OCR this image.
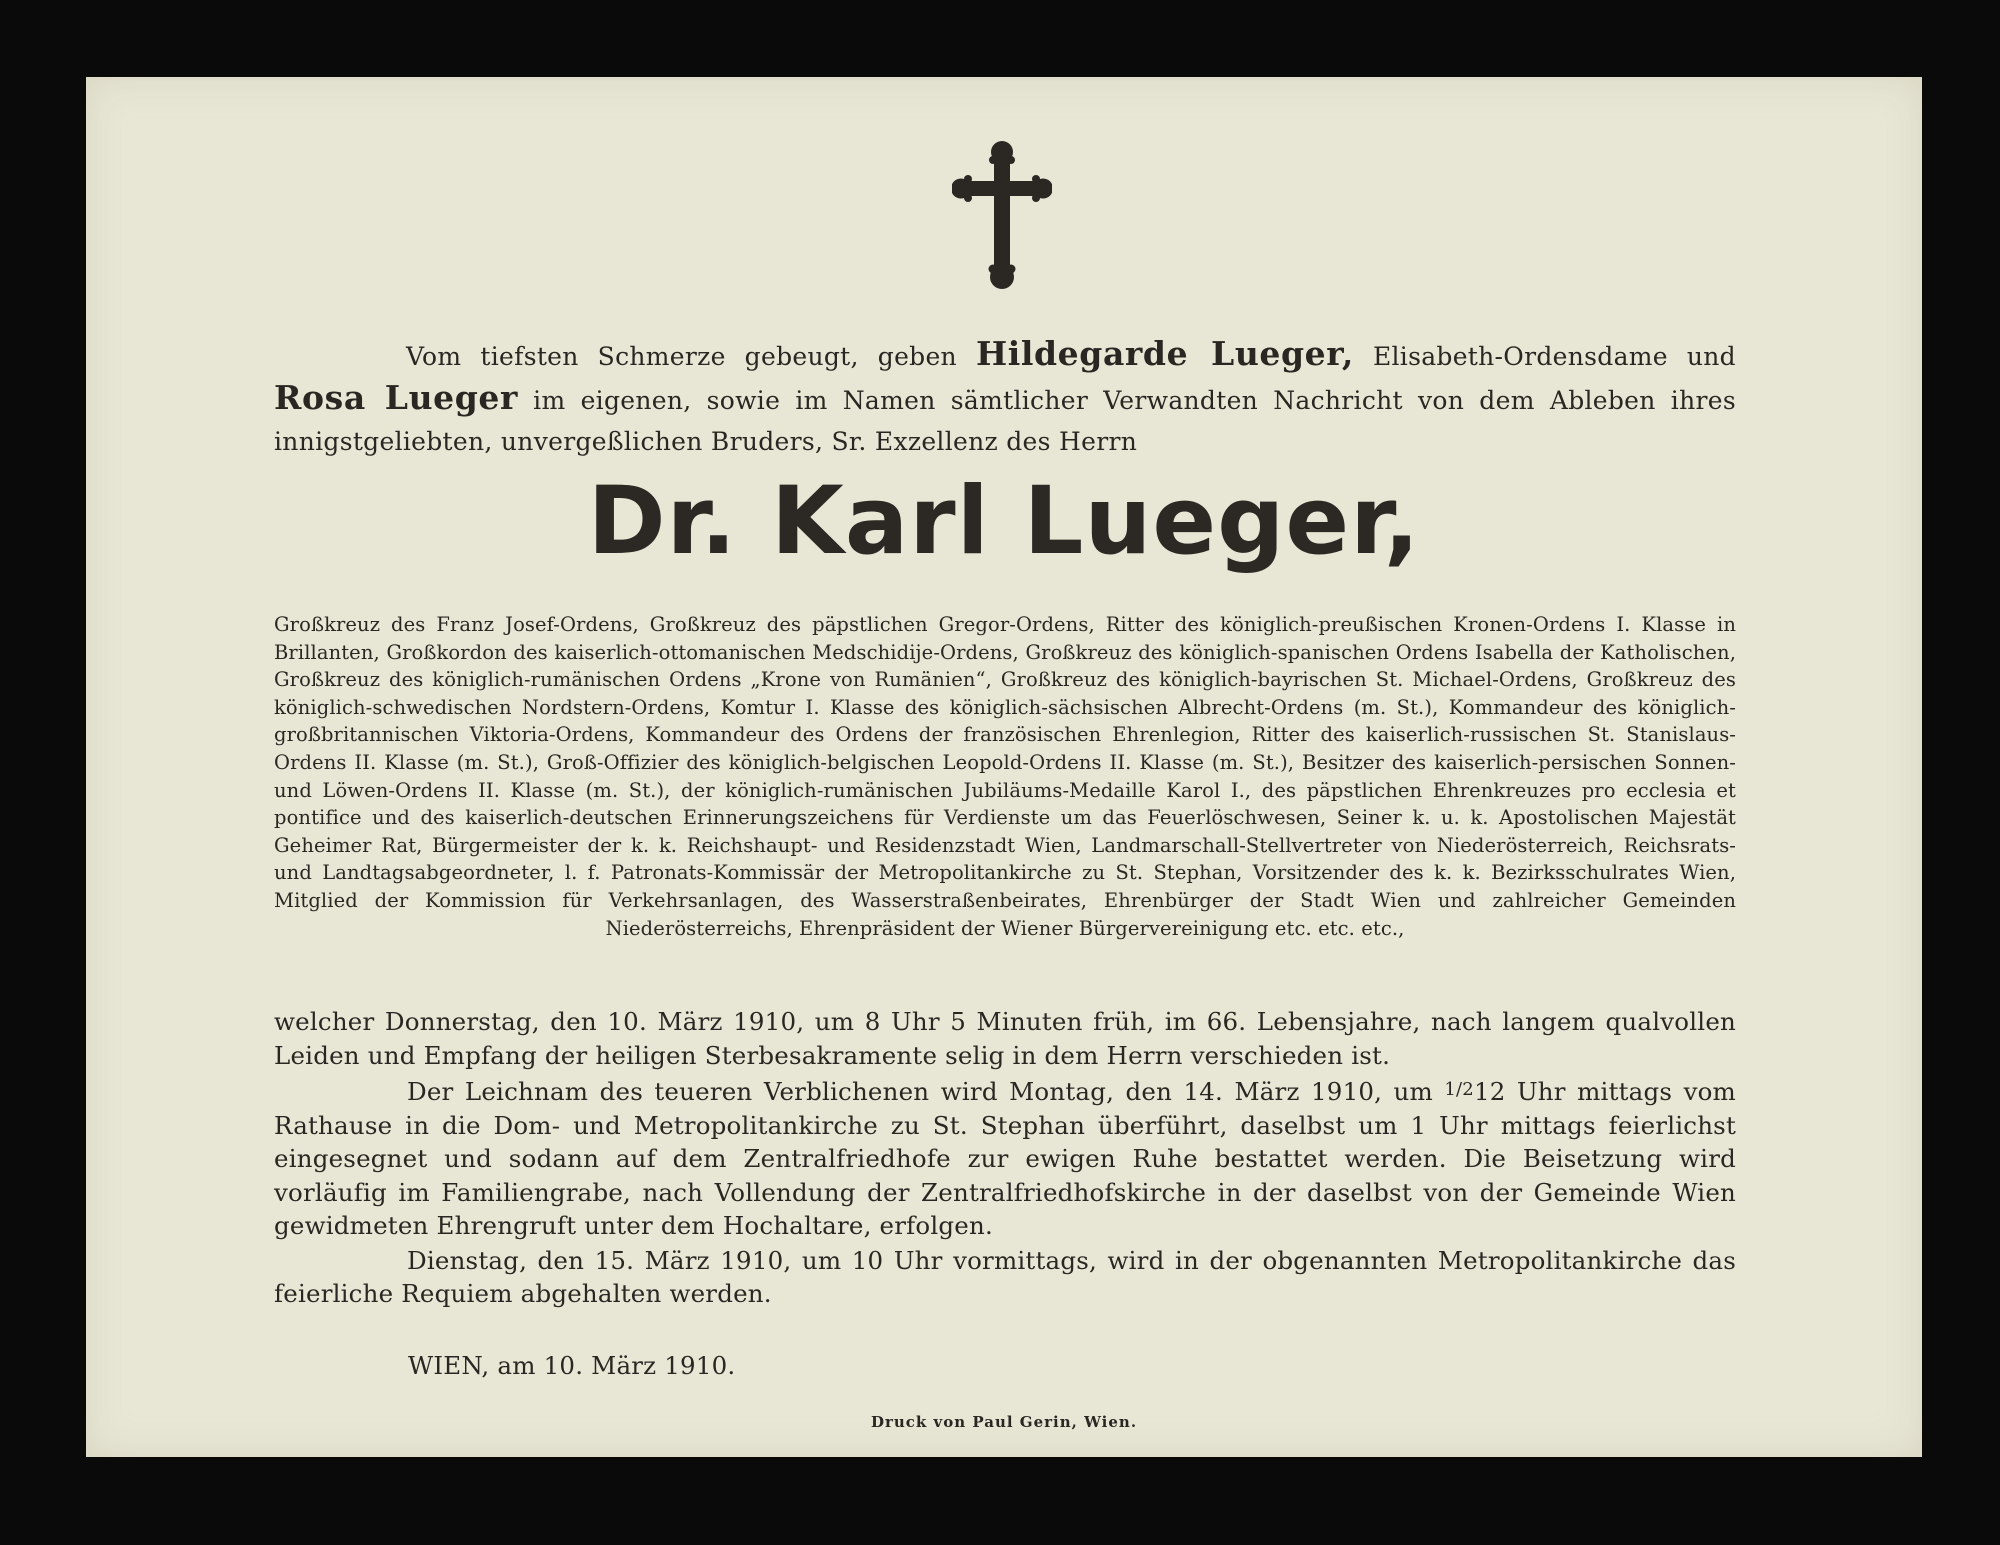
Vom tiefsten Schmerze gebeugt, geben Hildegarde Lueger, Elisabeth-Ordensdame und Rosa Lueger im eigenen, sowie im Namen sämtlicher Verwandten Nachricht von dem Ableben ihres innigstgeliebten, unvergeßlichen Bruders, Sr. Exzellenz des Herrn
Dr. Karl Lueger,
Großkreuz des Franz Josef-Ordens, Großkreuz des päpstlichen Gregor-Ordens, Ritter des königlich-preußischen Kronen-Ordens I. Klasse in Brillanten, Großkordon des kaiserlich-ottomanischen Medschidije-Ordens, Großkreuz des königlich-spanischen Ordens Isabella der Katholischen, Großkreuz des königlich-rumänischen Ordens „Krone von Rumänien“, Großkreuz des königlich-bayrischen St. Michael-Ordens, Großkreuz des königlich-schwedischen Nordstern-Ordens, Komtur I. Klasse des königlich-sächsischen Albrecht-Ordens (m. St.), Kommandeur des königlich-großbritannischen Viktoria-Ordens, Kommandeur des Ordens der französischen Ehrenlegion, Ritter des kaiserlich-russischen St. Stanislaus-Ordens II. Klasse (m. St.), Groß-Offizier des königlich-belgischen Leopold-Ordens II. Klasse (m. St.), Besitzer des kaiserlich-persischen Sonnen- und Löwen-Ordens II. Klasse (m. St.), der königlich-rumänischen Jubiläums-Medaille Karol I., des päpstlichen Ehrenkreuzes pro ecclesia et pontifice und des kaiserlich-deutschen Erinnerungszeichens für Verdienste um das Feuerlöschwesen, Seiner k. u. k. Apostolischen Majestät Geheimer Rat, Bürgermeister der k. k. Reichshaupt- und Residenzstadt Wien, Landmarschall-Stellvertreter von Niederösterreich, Reichsrats- und Landtagsabgeordneter, l. f. Patronats-Kommissär der Metropolitankirche zu St. Stephan, Vorsitzender des k. k. Bezirksschulrates Wien, Mitglied der Kommission für Verkehrsanlagen, des Wasserstraßenbeirates, Ehrenbürger der Stadt Wien und zahlreicher Gemeinden Niederösterreichs, Ehrenpräsident der Wiener Bürgervereinigung etc. etc. etc.,

welcher Donnerstag, den 10. März 1910, um 8 Uhr 5 Minuten früh, im 66. Lebensjahre, nach langem qualvollen Leiden und Empfang der heiligen Sterbesakramente selig in dem Herrn verschieden ist.

Der Leichnam des teueren Verblichenen wird Montag, den 14. März 1910, um $^{1/2}$12 Uhr mittags vom Rathause in die Dom- und Metropolitankirche zu St. Stephan überführt, daselbst um 1 Uhr mittags feierlichst eingesegnet und sodann auf dem Zentralfriedhofe zur ewigen Ruhe bestattet werden. Die Beisetzung wird vorläufig im Familiengrabe, nach Vollendung der Zentralfriedhofskirche in der daselbst von der Gemeinde Wien gewidmeten Ehrengruft unter dem Hochaltare, erfolgen.

Dienstag, den 15. März 1910, um 10 Uhr vormittags, wird in der obgenannten Metropolitankirche das feierliche Requiem abgehalten werden.

WIEN, am 10. März 1910.
Druck von Paul Gerin, Wien.
